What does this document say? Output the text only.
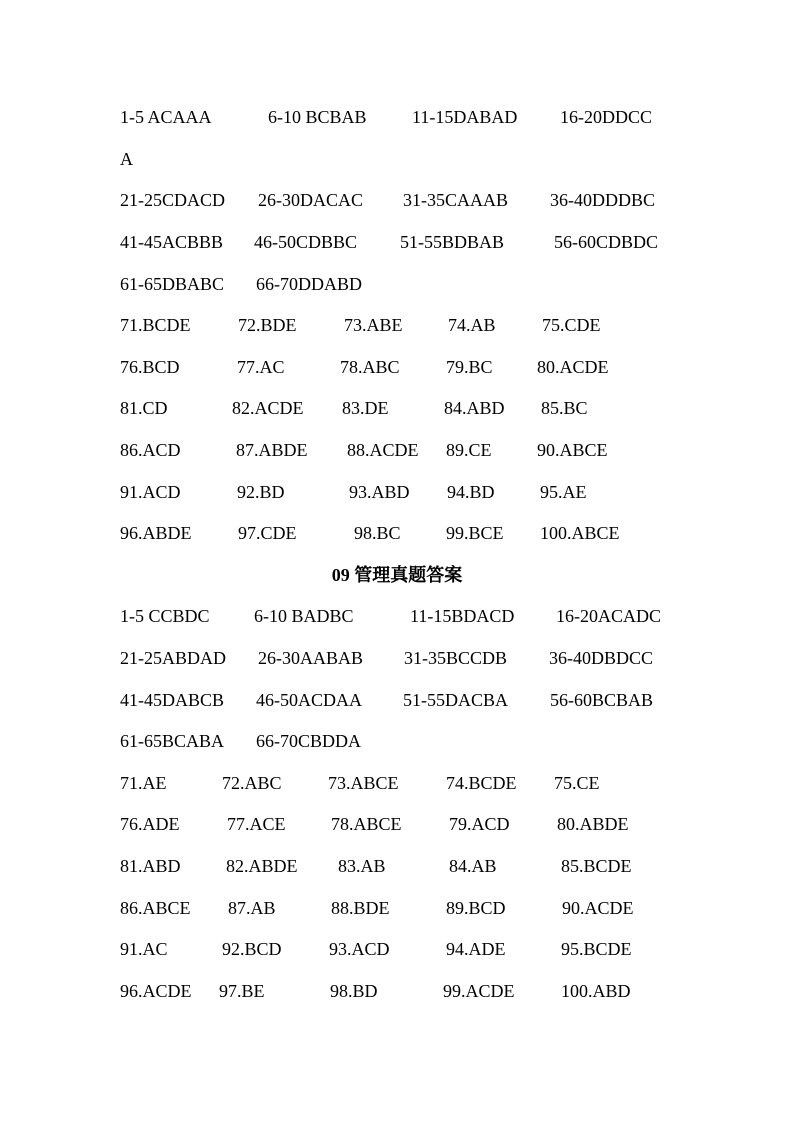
1-5 ACAAA	6-10 BCBAB	11-15DABAD 16-20DDCC
A
21-25CDACD 26-30DACAC 31-35CAAAB 36-40DDDBC
41-45ACBBB 46-50CDBBC 51-55BDBAB	56-60CDBDC
61-65DBABC 66-70DDABD
71.BCDE	72.BDE	73.ABE	74.AB	75.CDE
76.BCD	77.AC	78.ABC	79.BC 80.ACDE
81.CD	82.ACDE 83.DE	84.ABD 85.BC
86.ACD	87.ABDE 88.ACDE 89.CE	90.ABCE
91.ACD	92.BD	93.ABD 94.BD	95.AE
96.ABDE	97.CDE	98.BC	99.BCE 100.ABCE
09 管理真题答案
1-5 CCBDC 6-10 BADBC	11-15BDACD 16-20ACADC
21-25ABDAD 26-30AABAB 31-35BCCDB 36-40DBDCC
41-45DABCB 46-50ACDAA 51-55DACBA 56-60BCBAB
61-65BCABA 66-70CBDDA
71.AE	72.ABC	73.ABCE	74.BCDE 75.CE
76.ADE	77.ACE	78.ABCE	79.ACD	80.ABDE
81.ABD	82.ABDE 83.AB	84.AB	85.BCDE
86.ABCE 87.AB	88.BDE	89.BCD	90.ACDE
91.AC	92.BCD	93.ACD	94.ADE	95.BCDE
96.ACDE 97.BE	98.BD	99.ACDE	100.ABD
